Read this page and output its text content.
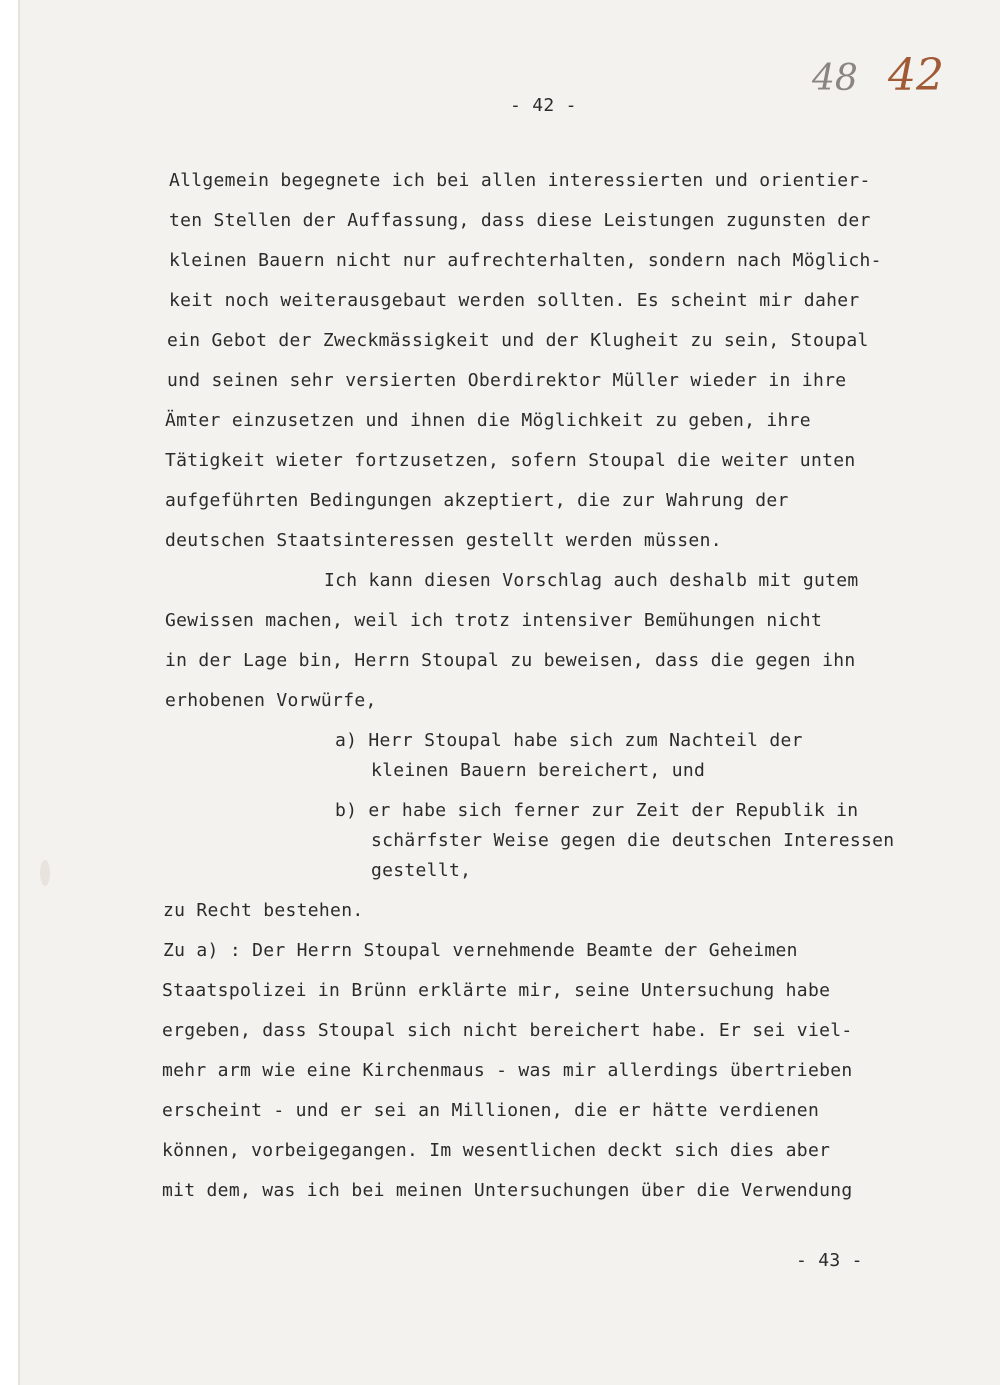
- 42 -
48 42
Allgemein begegnete ich bei allen interessierten und orientier-
ten Stellen der Auffassung, dass diese Leistungen zugunsten der
kleinen Bauern nicht nur aufrechterhalten, sondern nach Möglich-
keit noch weiterausgebaut werden sollten. Es scheint mir daher
ein Gebot der Zweckmässigkeit und der Klugheit zu sein, Stoupal
und seinen sehr versierten Oberdirektor Müller wieder in ihre
Ämter einzusetzen und ihnen die Möglichkeit zu geben, ihre
Tätigkeit wieter fortzusetzen, sofern Stoupal die weiter unten
aufgeführten Bedingungen akzeptiert, die zur Wahrung der
deutschen Staatsinteressen gestellt werden müssen.
Ich kann diesen Vorschlag auch deshalb mit gutem
Gewissen machen, weil ich trotz intensiver Bemühungen nicht
in der Lage bin, Herrn Stoupal zu beweisen, dass die gegen ihn
erhobenen Vorwürfe,
a) Herr Stoupal habe sich zum Nachteil der
kleinen Bauern bereichert, und
b) er habe sich ferner zur Zeit der Republik in
schärfster Weise gegen die deutschen Interessen
gestellt,
zu Recht bestehen.
Zu a) : Der Herrn Stoupal vernehmende Beamte der Geheimen
Staatspolizei in Brünn erklärte mir, seine Untersuchung habe
ergeben, dass Stoupal sich nicht bereichert habe. Er sei viel-
mehr arm wie eine Kirchenmaus - was mir allerdings übertrieben
erscheint - und er sei an Millionen, die er hätte verdienen
können, vorbeigegangen. Im wesentlichen deckt sich dies aber
mit dem, was ich bei meinen Untersuchungen über die Verwendung
- 43 -
